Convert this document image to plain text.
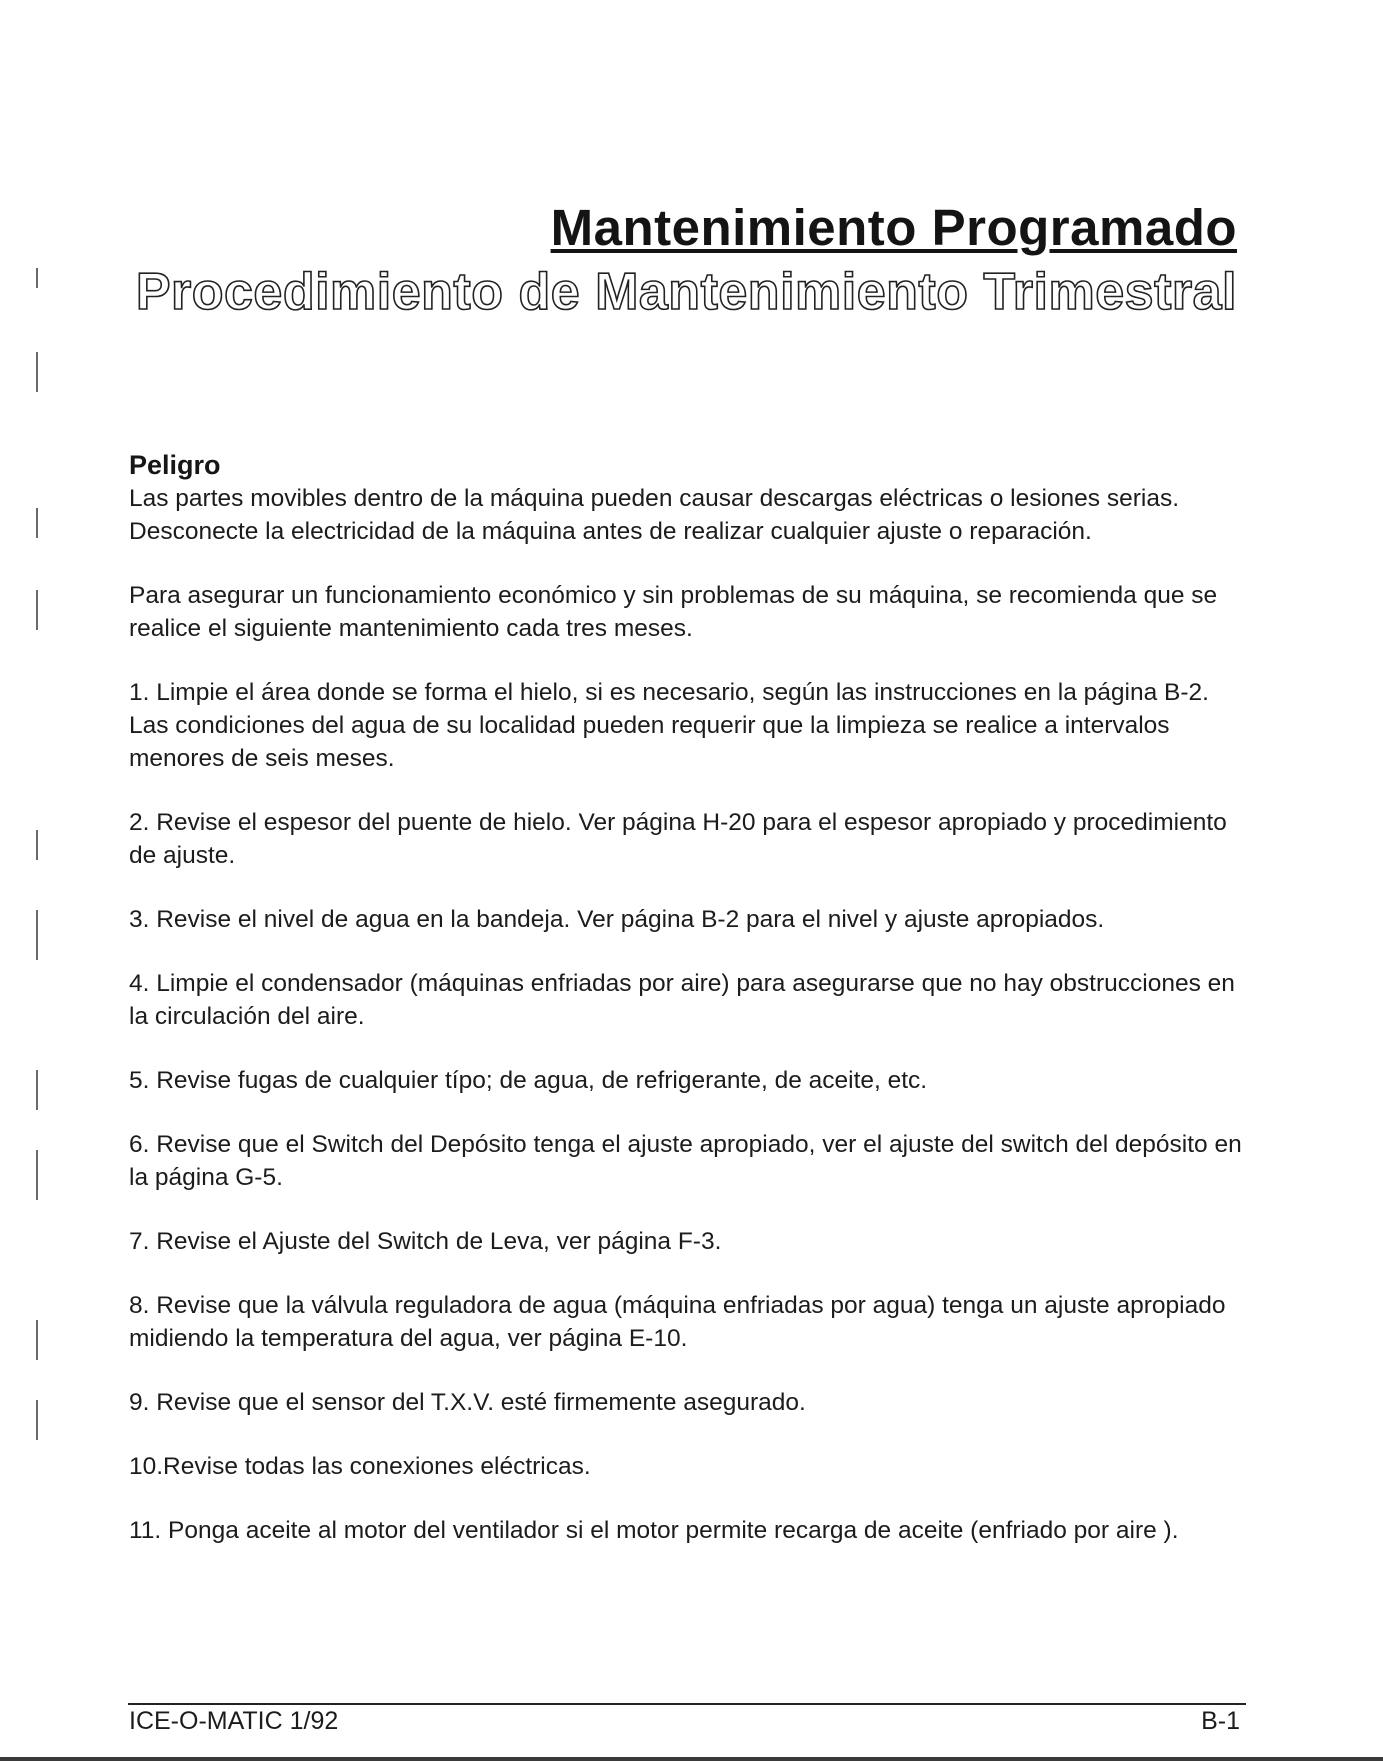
Mantenimiento Programado
Procedimiento de Mantenimiento Trimestral
Peligro

Las partes movibles dentro de la máquina pueden causar descargas eléctricas o lesiones serias. Desconecte la electricidad de la máquina antes de realizar cualquier ajuste o reparación.

Para asegurar un funcionamiento económico y sin problemas de su máquina, se recomienda que se realice el siguiente mantenimiento cada tres meses.

1. Limpie el área donde se forma el hielo, si es necesario, según las instrucciones en la página B-2. Las condiciones del agua de su localidad pueden requerir que la limpieza se realice a intervalos menores de seis meses.
2. Revise el espesor del puente de hielo. Ver página H-20 para el espesor apropiado y procedimiento de ajuste.
3. Revise el nivel de agua en la bandeja. Ver página B-2 para el nivel y ajuste apropiados.
4. Limpie el condensador (máquinas enfriadas por aire) para asegurarse que no hay obstrucciones en la circulación del aire.
5. Revise fugas de cualquier típo; de agua, de refrigerante, de aceite, etc.
6. Revise que el Switch del Depósito tenga el ajuste apropiado, ver el ajuste del switch del depósito en la página G-5.
7. Revise el Ajuste del Switch de Leva, ver página F-3.
8. Revise que la válvula reguladora de agua (máquina enfriadas por agua) tenga un ajuste apropiado midiendo la temperatura del agua, ver página E-10.
9. Revise que el sensor del T.X.V. esté firmemente asegurado.
10.Revise todas las conexiones eléctricas.
11. Ponga aceite al motor del ventilador si el motor permite recarga de aceite (enfriado por aire ).

ICE-O-MATIC 1/92	B-1
